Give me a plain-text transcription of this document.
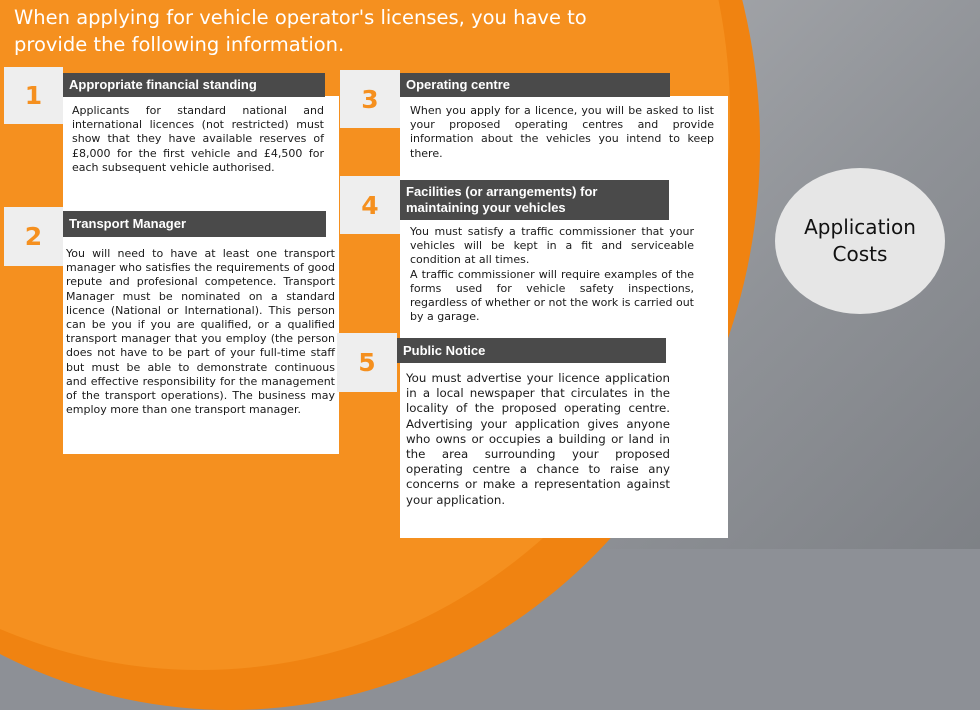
When applying for vehicle operator's licenses, you have to provide the following information.
1	Appropriate financial standing

Applicants for standard national and international licences (not restricted) must show that they have available reserves of £8,000 for the first vehicle and £4,500 for each subsequent vehicle authorised.

2	Transport Manager

You will need to have at least one transport manager who satisfies the requirements of good repute and profesional competence. Transport Manager must be nominated on a standard licence (National or International). This person can be you if you are qualified, or a qualified transport manager that you employ (the person does not have to be part of your full-time staff but must be able to demonstrate continuous and effective responsibility for the management of the transport operations). The business may employ more than one transport manager.

3	Operating centre

When you apply for a licence, you will be asked to list your proposed operating centres and provide information about the vehicles you intend to keep there.

4	Facilities (or arrangements) for maintaining your vehicles

You must satisfy a traffic commissioner that your vehicles will be kept in a fit and serviceable condition at all times.

A traffic commissioner will require examples of the forms used for vehicle safety inspections, regardless of whether or not the work is carried out by a garage.

5	Public Notice

You must advertise your licence application in a local newspaper that circulates in the locality of the proposed operating centre. Advertising your application gives anyone who owns or occupies a building or land in the area surrounding your proposed operating centre a chance to raise any concerns or make a representation against your application.

Application
Costs
